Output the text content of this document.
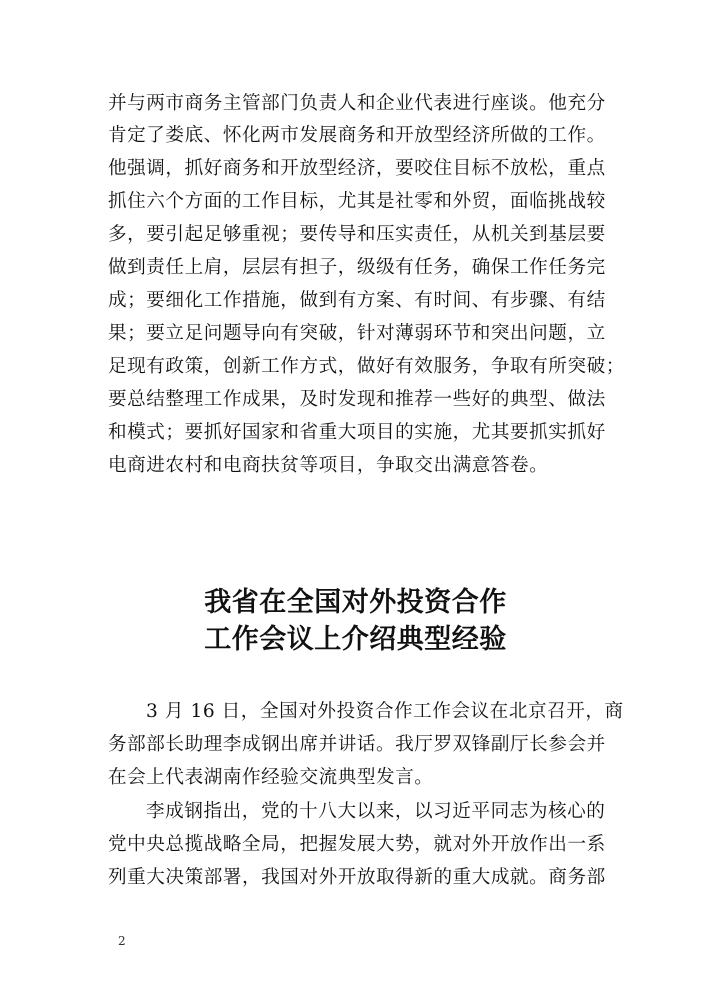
并与两市商务主管部门负责人和企业代表进行座谈。他充分
肯定了娄底、怀化两市发展商务和开放型经济所做的工作。
他强调，抓好商务和开放型经济，要咬住目标不放松，重点
抓住六个方面的工作目标，尤其是社零和外贸，面临挑战较
多，要引起足够重视；要传导和压实责任，从机关到基层要
做到责任上肩，层层有担子，级级有任务，确保工作任务完
成；要细化工作措施，做到有方案、有时间、有步骤、有结
果；要立足问题导向有突破，针对薄弱环节和突出问题，立
足现有政策，创新工作方式，做好有效服务，争取有所突破；
要总结整理工作成果，及时发现和推荐一些好的典型、做法
和模式；要抓好国家和省重大项目的实施，尤其要抓实抓好
电商进农村和电商扶贫等项目，争取交出满意答卷。
我省在全国对外投资合作
工作会议上介绍典型经验
3 月 16 日，全国对外投资合作工作会议在北京召开，商
务部部长助理李成钢出席并讲话。我厅罗双锋副厅长参会并
在会上代表湖南作经验交流典型发言。
李成钢指出，党的十八大以来，以习近平同志为核心的
党中央总揽战略全局，把握发展大势，就对外开放作出一系
列重大决策部署，我国对外开放取得新的重大成就。商务部
2
